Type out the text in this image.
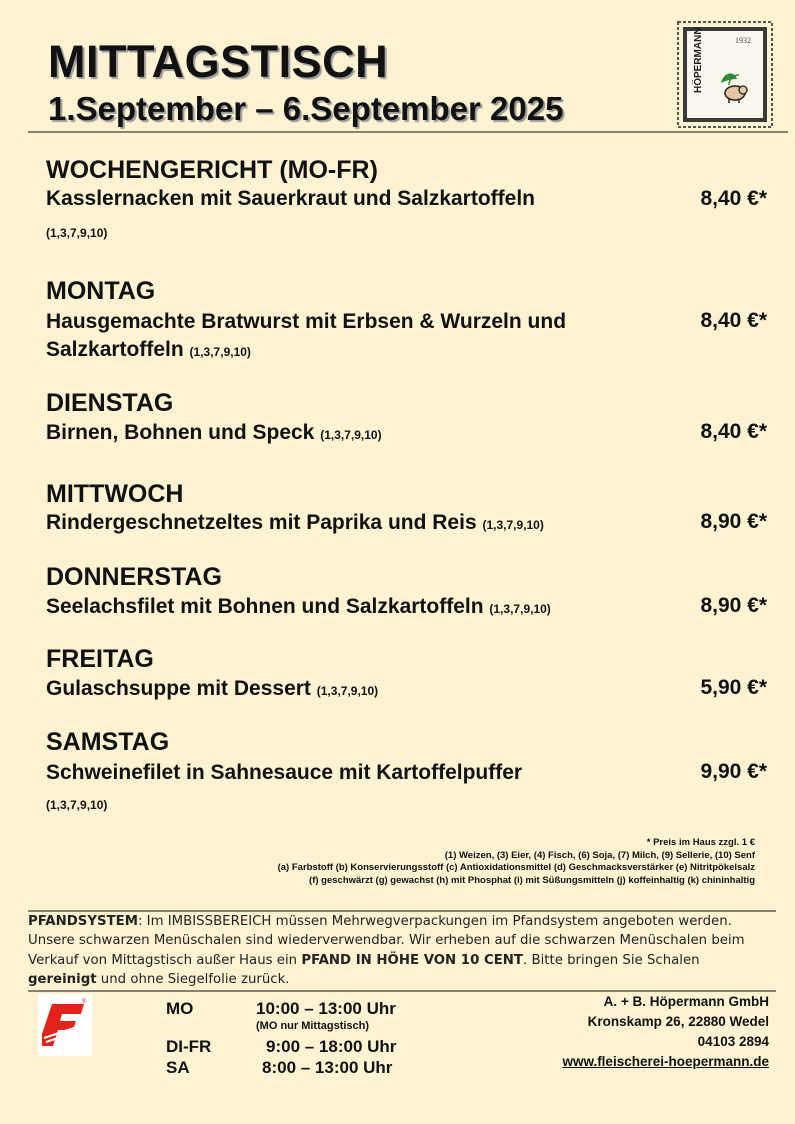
MITTAGSTISCH
1.September – 6.September 2025
HÖPERMANN	1932
WOCHENGERICHT (MO-FR)
Kasslernacken mit Sauerkraut und Salzkartoffeln
(1,3,7,9,10)
8,40 €*
MONTAG
Hausgemachte Bratwurst mit Erbsen & Wurzeln und
Salzkartoffeln (1,3,7,9,10)
8,40 €*
DIENSTAG
Birnen, Bohnen und Speck (1,3,7,9,10)	8,40 €*
MITTWOCH
Rindergeschnetzeltes mit Paprika und Reis (1,3,7,9,10)	8,90 €*
DONNERSTAG
Seelachsfilet mit Bohnen und Salzkartoffeln (1,3,7,9,10)	8,90 €*
FREITAG
Gulaschsuppe mit Dessert (1,3,7,9,10)	5,90 €*
SAMSTAG
Schweinefilet in Sahnesauce mit Kartoffelpuffer
(1,3,7,9,10)
9,90 €*
* Preis im Haus zzgl. 1 €
(1) Weizen, (3) Eier, (4) Fisch, (6) Soja, (7) Milch, (9) Sellerie, (10) Senf
(a) Farbstoff (b) Konservierungsstoff (c) Antioxidationsmittel (d) Geschmacksverstärker (e) Nitritpökelsalz
(f) geschwärzt (g) gewachst (h) mit Phosphat (i) mit Süßungsmitteln (j) koffeinhaltig (k) chininhaltig
PFANDSYSTEM: Im IMBISSBEREICH müssen Mehrwegverpackungen im Pfandsystem angeboten werden. Unsere schwarzen Menüschalen sind wiederverwendbar. Wir erheben auf die schwarzen Menüschalen beim Verkauf von Mittagstisch außer Haus ein PFAND IN HÖHE VON 10 CENT. Bitte bringen Sie Schalen gereinigt und ohne Siegelfolie zurück.
®	MO	10:00 – 13:00 Uhr
(MO nur Mittagstisch)
DI-FR	9:00 – 18:00 Uhr
SA	8:00 – 13:00 Uhr
A. + B. Höpermann GmbH
Kronskamp 26, 22880 Wedel
04103 2894
www.fleischerei-hoepermann.de
